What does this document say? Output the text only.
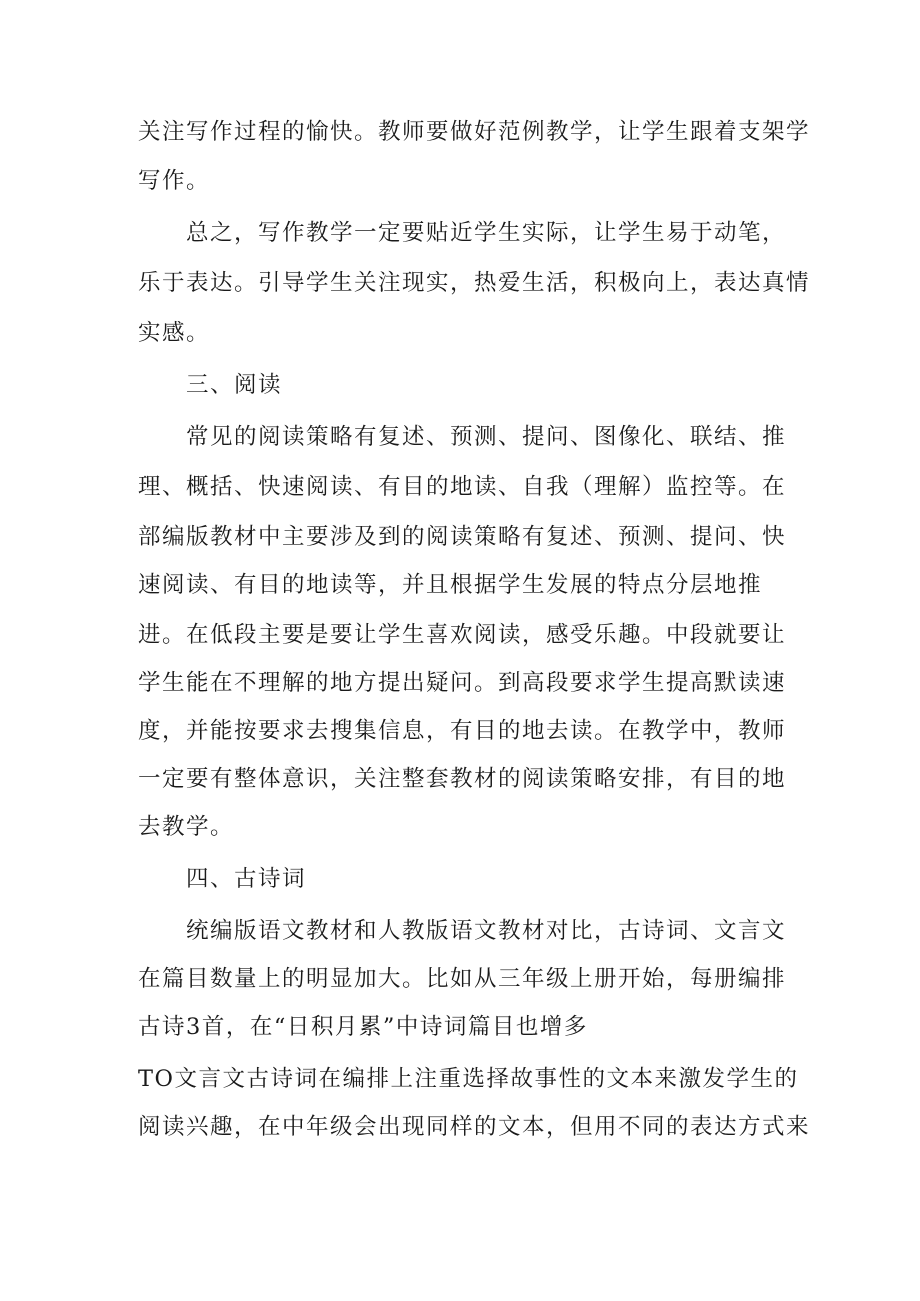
关注写作过程的愉快。教师要做好范例教学，让学生跟着支架学
写作。
总之，写作教学一定要贴近学生实际，让学生易于动笔，
乐于表达。引导学生关注现实，热爱生活，积极向上，表达真情
实感。
三、阅读
常见的阅读策略有复述、预测、提问、图像化、联结、推
理、概括、快速阅读、有目的地读、自我（理解）监控等。在
部编版教材中主要涉及到的阅读策略有复述、预测、提问、快
速阅读、有目的地读等，并且根据学生发展的特点分层地推
进。在低段主要是要让学生喜欢阅读，感受乐趣。中段就要让
学生能在不理解的地方提出疑问。到高段要求学生提高默读速
度，并能按要求去搜集信息，有目的地去读。在教学中，教师
一定要有整体意识，关注整套教材的阅读策略安排，有目的地
去教学。
四、古诗词
统编版语文教材和人教版语文教材对比，古诗词、文言文
在篇目数量上的明显加大。比如从三年级上册开始，每册编排
古诗3首，在“日积月累”中诗词篇目也增多
TO文言文古诗词在编排上注重选择故事性的文本来激发学生的
阅读兴趣，在中年级会出现同样的文本，但用不同的表达方式来
